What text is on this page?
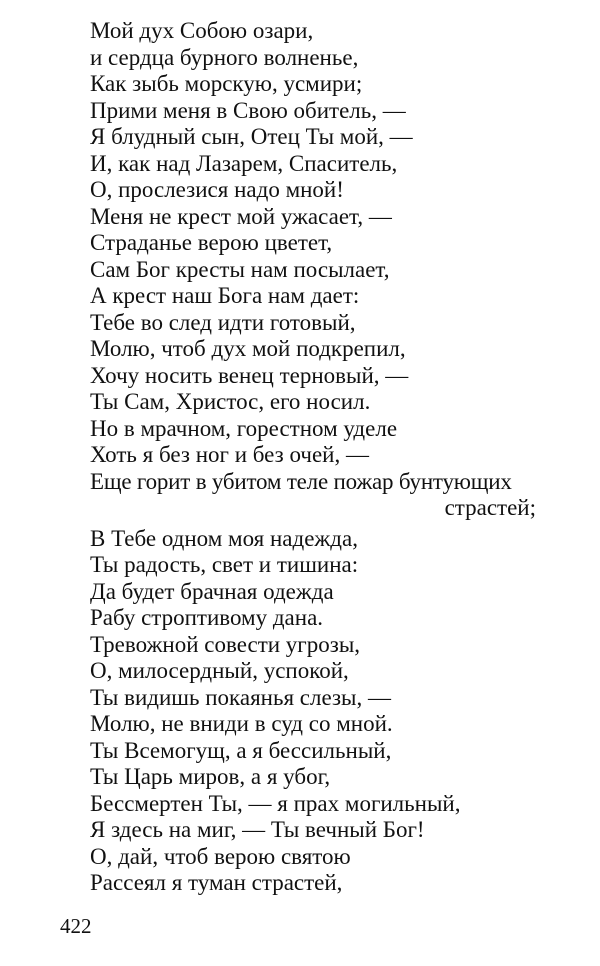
Мой дух Собою озари,
и сердца бурного волненье,
Как зыбь морскую, усмири;
Прими меня в Свою обитель, —
Я блудный сын, Отец Ты мой, —
И, как над Лазарем, Спаситель,
О, прослезися надо мной!
Меня не крест мой ужасает, —
Страданье верою цветет,
Сам Бог кресты нам посылает,
А крест наш Бога нам дает:
Тебе во след идти готовый,
Молю, чтоб дух мой подкрепил,
Хочу носить венец терновый, —
Ты Сам, Христос, его носил.
Но в мрачном, горестном уделе
Хоть я без ног и без очей, —
Еще горит в убитом теле пожар бунтующих
страстей;
В Тебе одном моя надежда,
Ты радость, свет и тишина:
Да будет брачная одежда
Рабу строптивому дана.
Тревожной совести угрозы,
О, милосердный, успокой,
Ты видишь покаянья слезы, —
Молю, не вниди в суд со мной.
Ты Всемогущ, а я бессильный,
Ты Царь миров, а я убог,
Бессмертен Ты, — я прах могильный,
Я здесь на миг, — Ты вечный Бог!
О, дай, чтоб верою святою
Рассеял я туман страстей,
422
